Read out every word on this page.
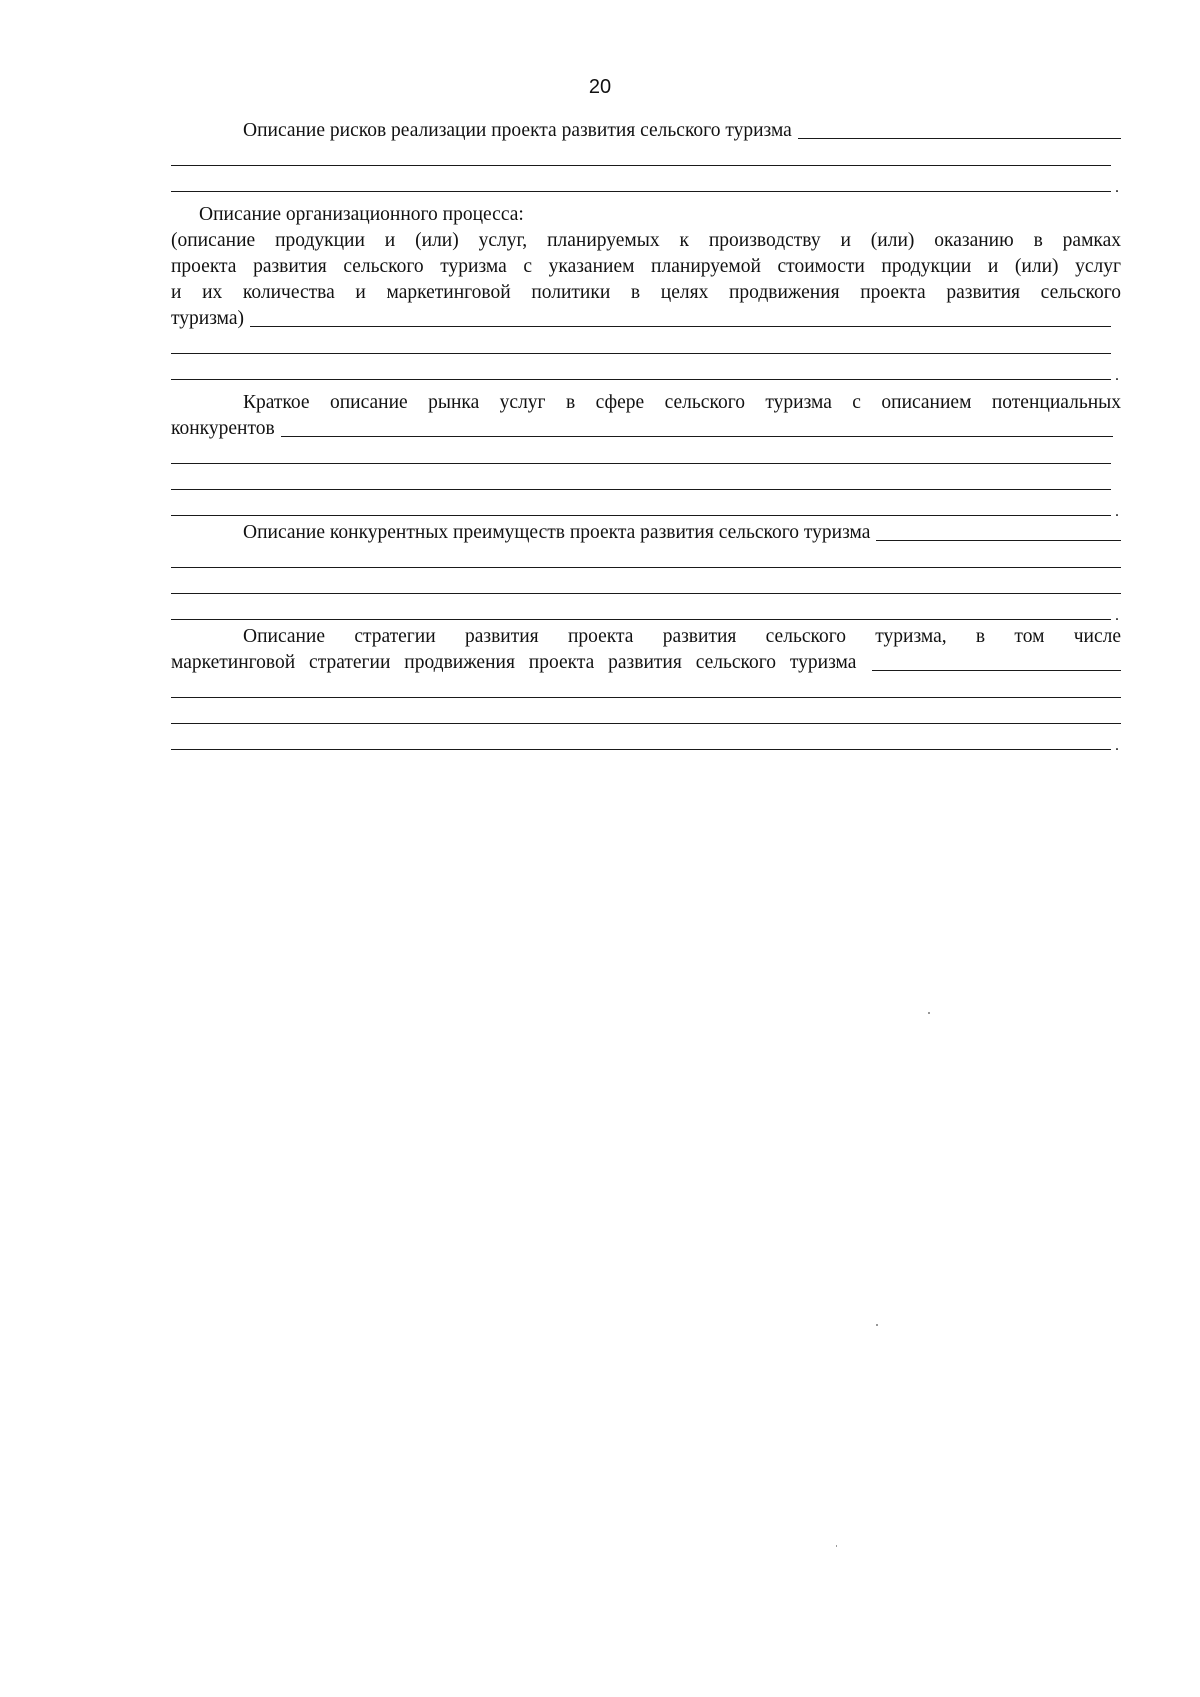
20
Описание рисков реализации проекта развития сельского туризма
.
Описание организационного процесса:
(описание продукции и (или) услуг, планируемых к производству и (или) оказанию в рамках
проекта развития сельского туризма с указанием планируемой стоимости продукции и (или) услуг
и их количества и маркетинговой политики в целях продвижения проекта развития сельского
туризма)
.
Краткое описание рынка услуг в сфере сельского туризма с описанием потенциальных
конкурентов
.
Описание конкурентных преимуществ проекта развития сельского туризма
.
Описание стратегии развития проекта развития сельского туризма, в том числе
маркетинговой стратегии продвижения проекта развития сельского туризма
.
